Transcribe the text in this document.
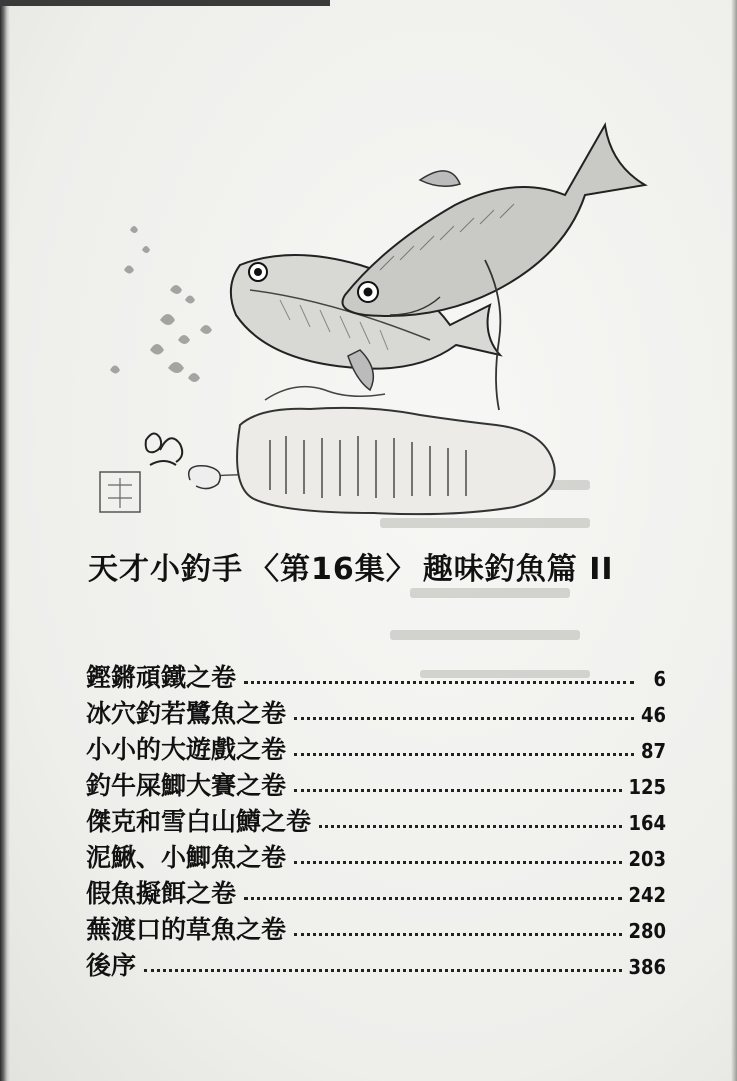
天才小釣手 〈第16集〉 趣味釣魚篇 II
鏗鏘頑鐵之卷	6
冰穴釣若鷺魚之卷	46
小小的大遊戲之卷	87
釣牛屎鯽大賽之卷	125
傑克和雪白山鱒之卷	164
泥鰍、小鯽魚之卷	203
假魚擬餌之卷	242
蕪渡口的草魚之卷	280
後序	386
